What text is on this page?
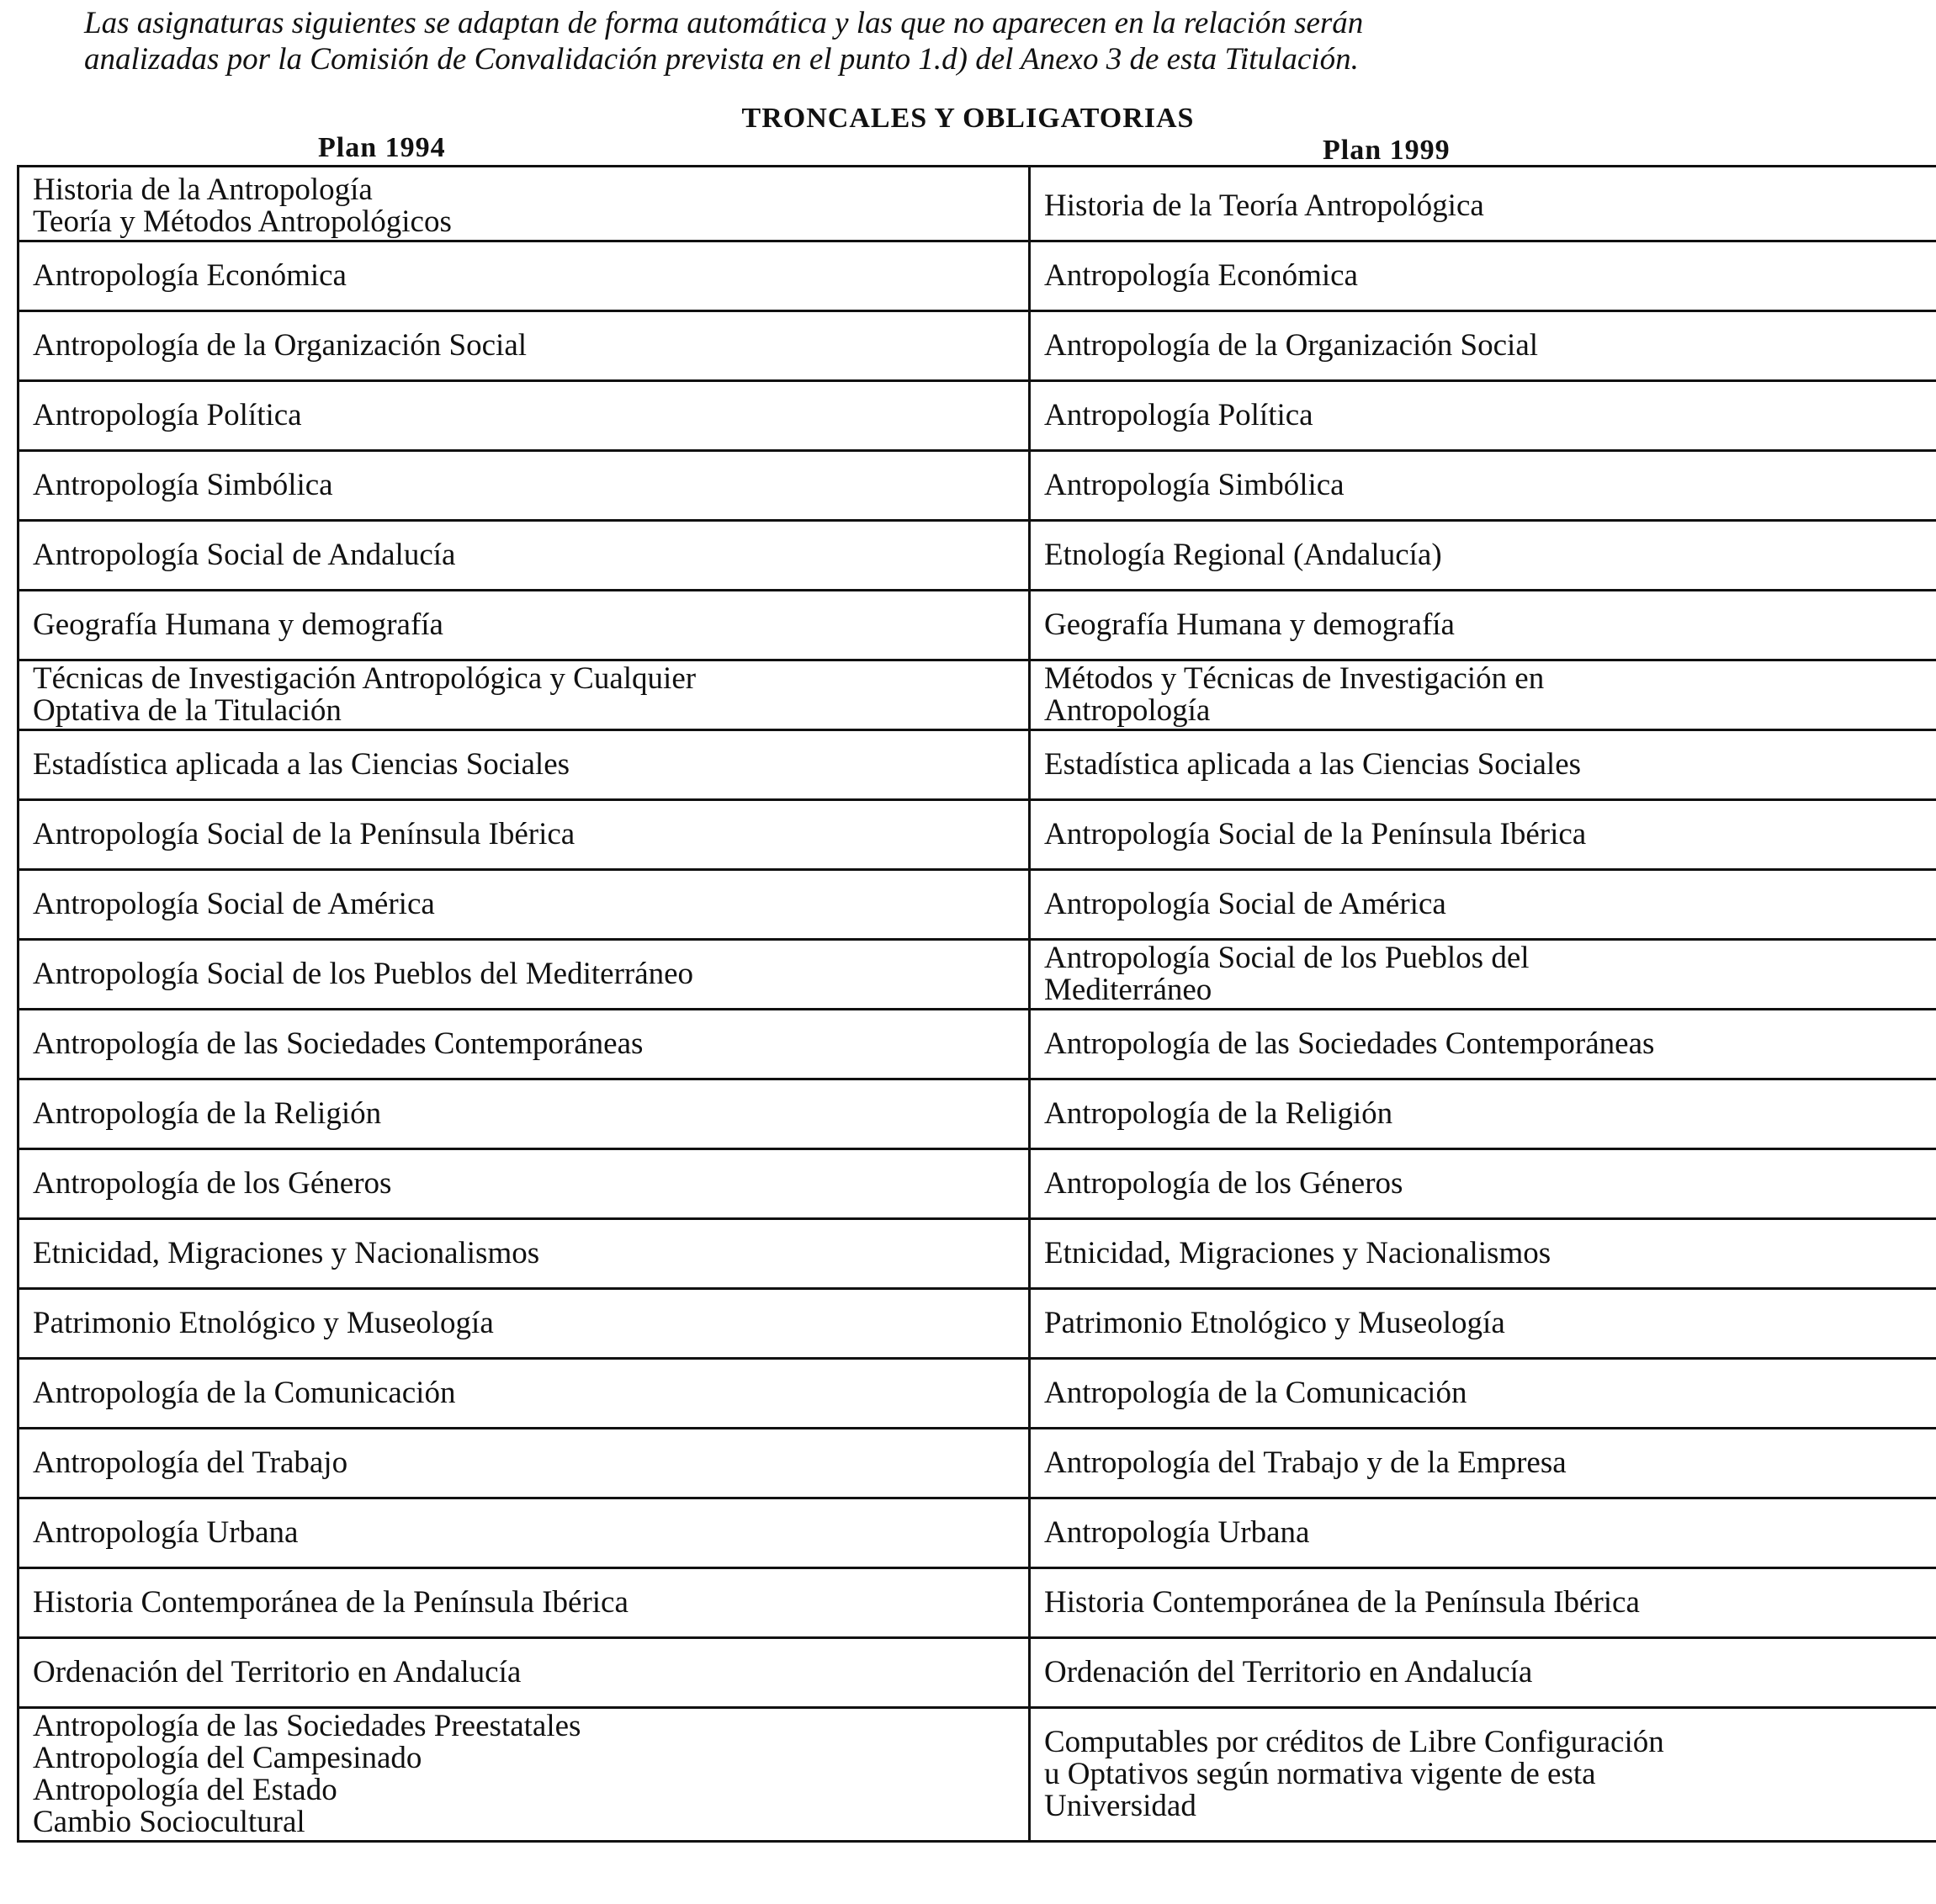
Las asignaturas siguientes se adaptan de forma automática y las que no aparecen en la relación serán
analizadas por la Comisión de Convalidación prevista en el punto 1.d) del Anexo 3 de esta Titulación.
TRONCALES Y OBLIGATORIAS
Plan 1994	Plan 1999
Historia de la Antropología
Teoría y Métodos Antropológicos	Historia de la Teoría Antropológica

Antropología Económica	Antropología Económica

Antropología de la Organización Social	Antropología de la Organización Social

Antropología Política	Antropología Política

Antropología Simbólica	Antropología Simbólica

Antropología Social de Andalucía	Etnología Regional (Andalucía)

Geografía Humana y demografía	Geografía Humana y demografía

Técnicas de Investigación Antropológica y Cualquier
Optativa de la Titulación	Métodos y Técnicas de Investigación en
Antropología

Estadística aplicada a las Ciencias Sociales	Estadística aplicada a las Ciencias Sociales

Antropología Social de la Península Ibérica	Antropología Social de la Península Ibérica

Antropología Social de América	Antropología Social de América

Antropología Social de los Pueblos del Mediterráneo	Antropología Social de los Pueblos del
Mediterráneo

Antropología de las Sociedades Contemporáneas	Antropología de las Sociedades Contemporáneas

Antropología de la Religión	Antropología de la Religión

Antropología de los Géneros	Antropología de los Géneros

Etnicidad, Migraciones y Nacionalismos	Etnicidad, Migraciones y Nacionalismos

Patrimonio Etnológico y Museología	Patrimonio Etnológico y Museología

Antropología de la Comunicación	Antropología de la Comunicación

Antropología del Trabajo	Antropología del Trabajo y de la Empresa

Antropología Urbana	Antropología Urbana

Historia Contemporánea de la Península Ibérica	Historia Contemporánea de la Península Ibérica

Ordenación del Territorio en Andalucía	Ordenación del Territorio en Andalucía

Antropología de las Sociedades Preestatales
Antropología del Campesinado
Antropología del Estado
Cambio Sociocultural	Computables por créditos de Libre Configuración
u Optativos según normativa vigente de esta
Universidad
